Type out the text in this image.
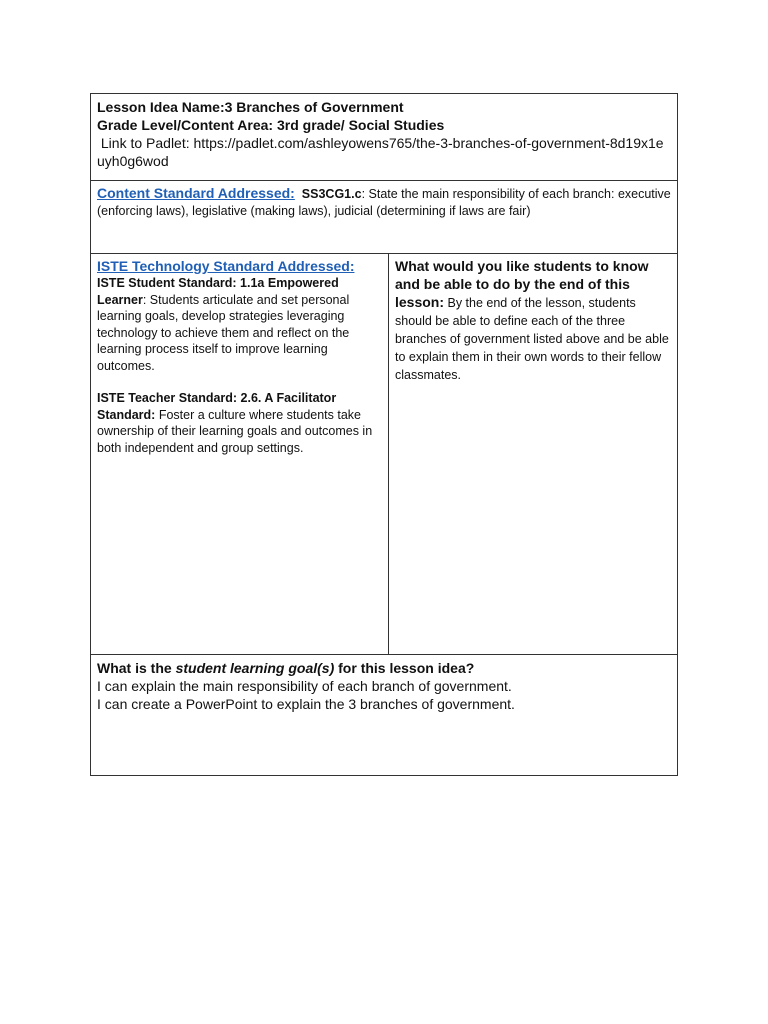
Lesson Idea Name:3 Branches of Government
Grade Level/Content Area: 3rd grade/ Social Studies
Link to Padlet: https://padlet.com/ashleyowens765/the-3-branches-of-government-8d19x1euyh0g6wod

Content Standard Addressed: SS3CG1.c: State the main responsibility of each branch: executive (enforcing laws), legislative (making laws), judicial (determining if laws are fair)

ISTE Technology Standard Addressed:
ISTE Student Standard: 1.1a Empowered Learner: Students articulate and set personal learning goals, develop strategies leveraging technology to achieve them and reflect on the learning process itself to improve learning outcomes.
ISTE Teacher Standard: 2.6. A Facilitator Standard: Foster a culture where students take ownership of their learning goals and outcomes in both independent and group settings.

What would you like students to know and be able to do by the end of this lesson: By the end of the lesson, students should be able to define each of the three branches of government listed above and be able to explain them in their own words to their fellow classmates.

What is the student learning goal(s) for this lesson idea?
I can explain the main responsibility of each branch of government.
I can create a PowerPoint to explain the 3 branches of government.
